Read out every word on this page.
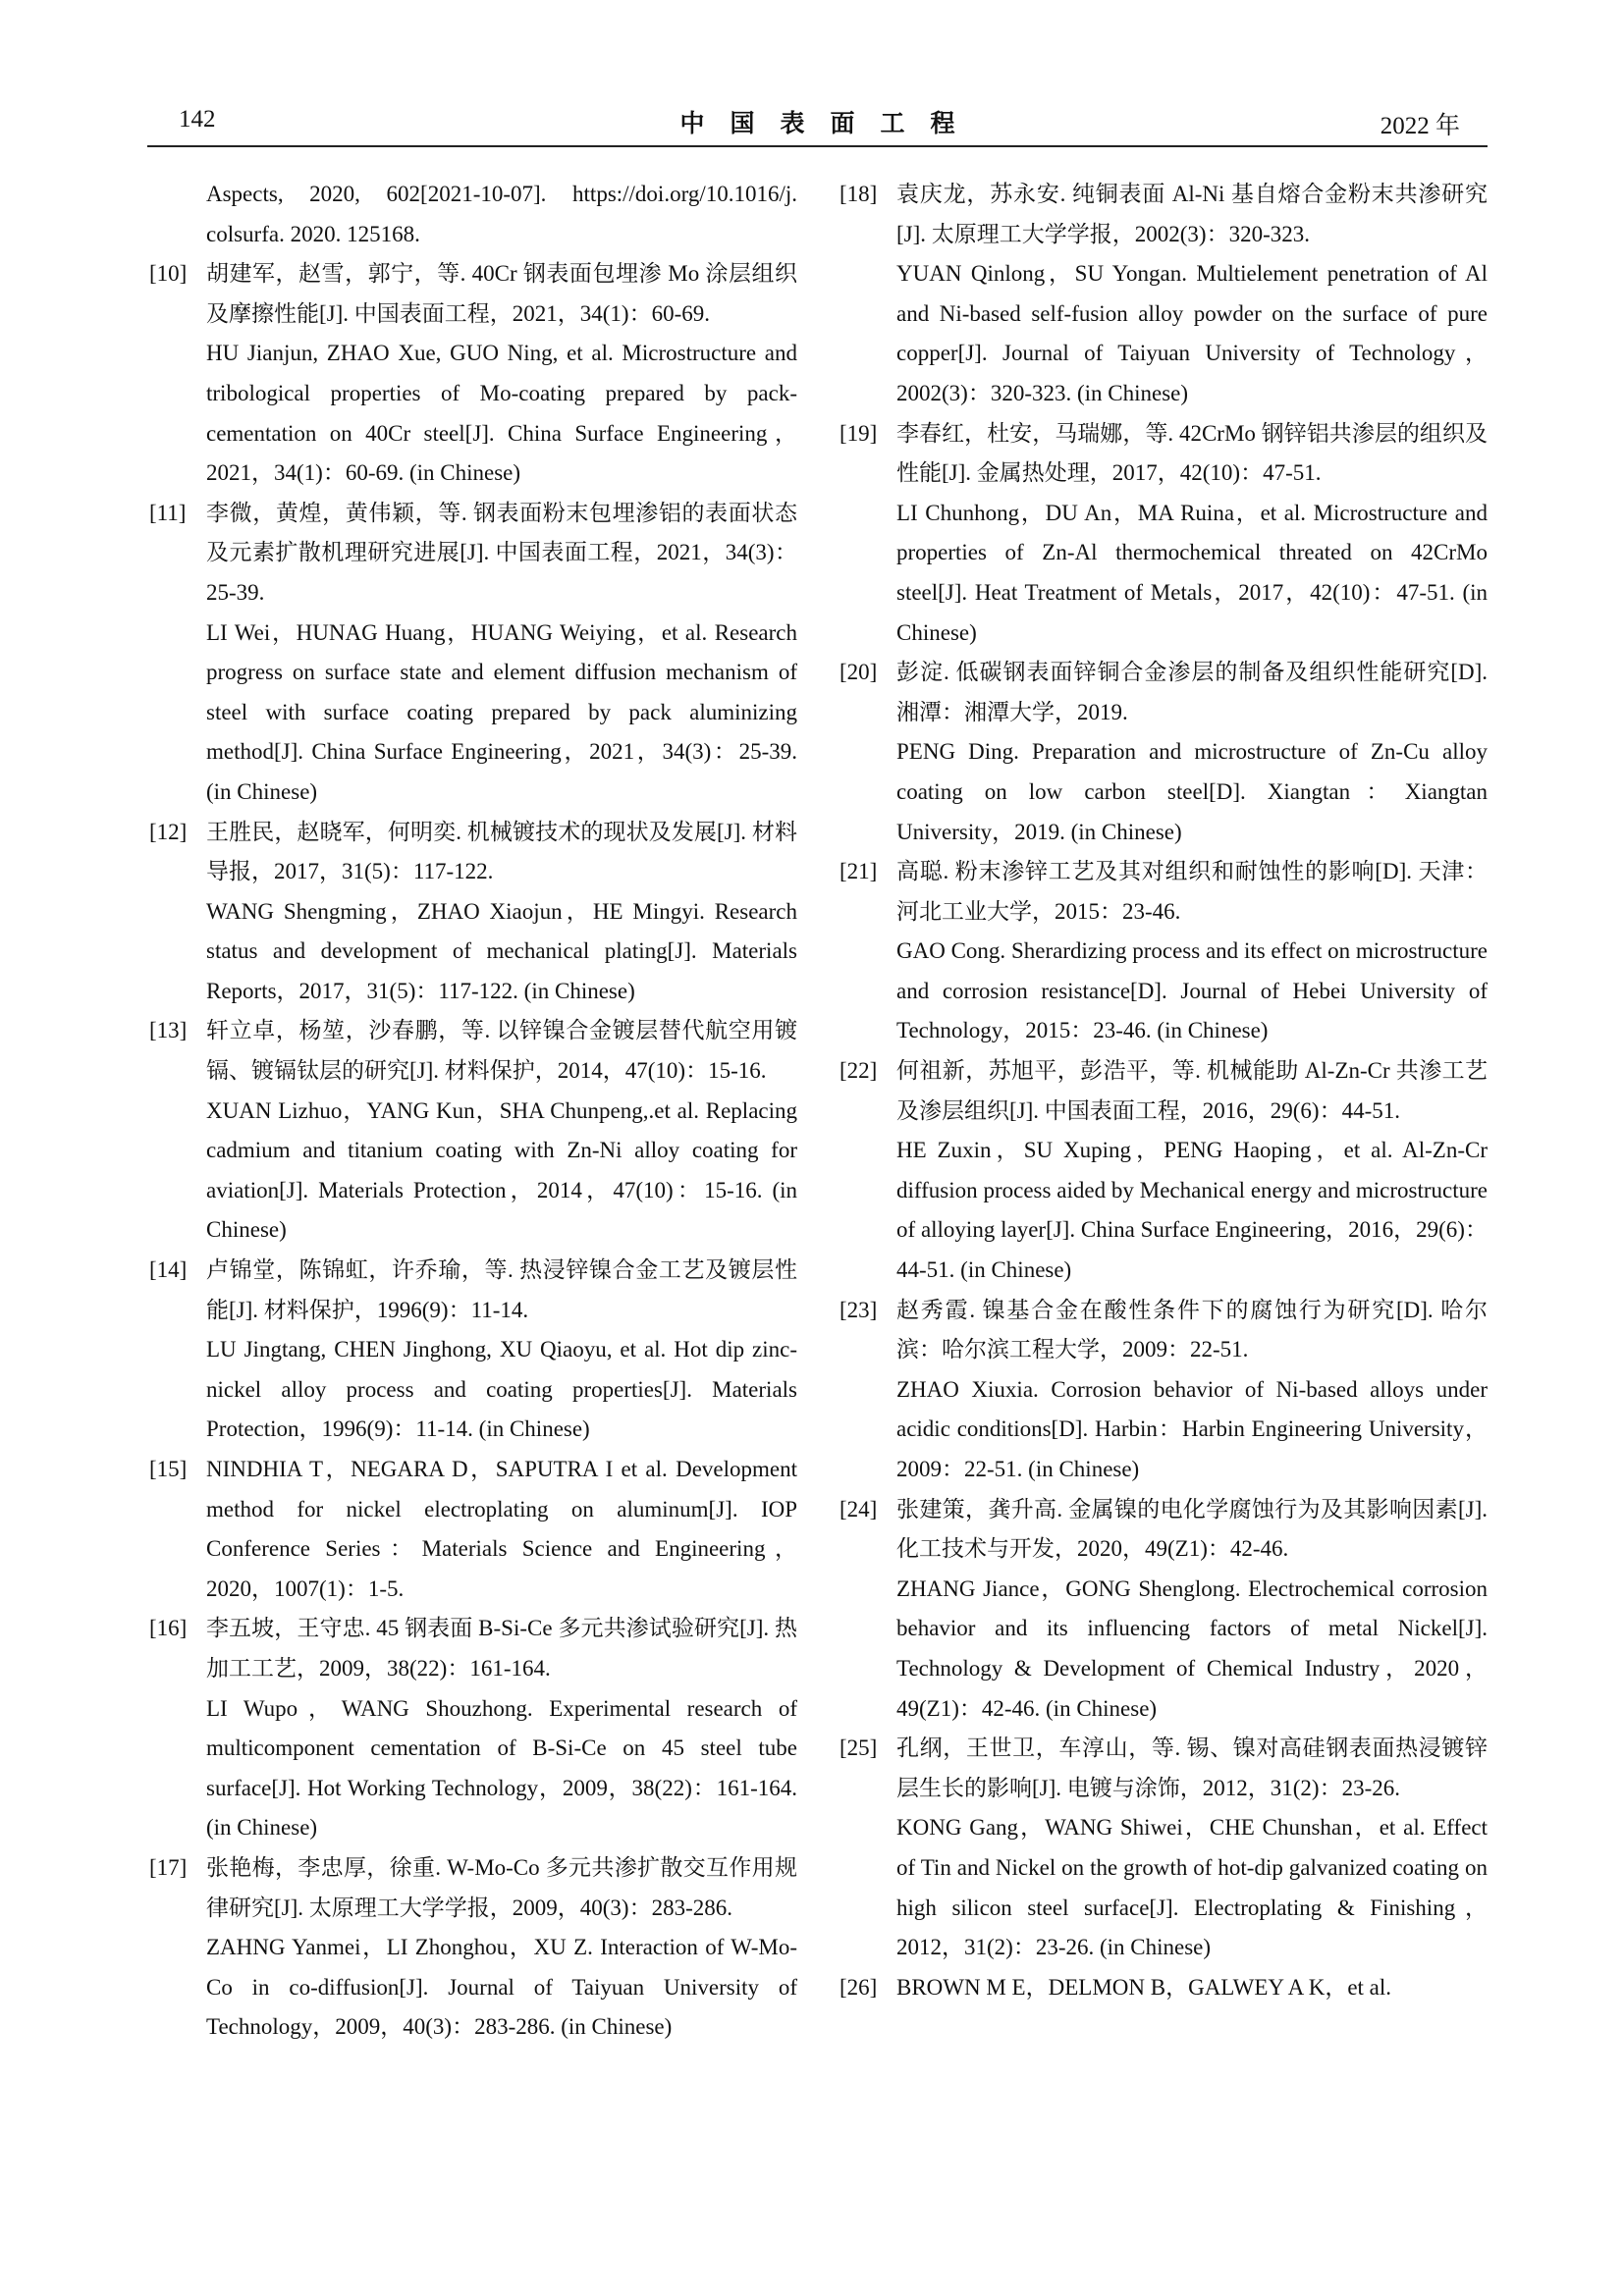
142	中国表面工程	2022 年
Aspects, 2020, 602[2021-10-07]. https://doi.org/10.1016/j. colsurfa. 2020. 125168.
[10] 胡建军，赵雪，郭宁，等. 40Cr 钢表面包埋渗 Mo 涂层组织及摩擦性能[J]. 中国表面工程，2021，34(1)：60-69.
HU Jianjun, ZHAO Xue, GUO Ning, et al. Microstructure and tribological properties of Mo-coating prepared by pack-cementation on 40Cr steel[J]. China Surface Engineering，2021，34(1)：60-69. (in Chinese)
[11] 李微，黄煌，黄伟颖，等. 钢表面粉末包埋渗铝的表面状态及元素扩散机理研究进展[J]. 中国表面工程，2021，34(3)：25-39.
LI Wei，HUNAG Huang，HUANG Weiying，et al. Research progress on surface state and element diffusion mechanism of steel with surface coating prepared by pack aluminizing method[J]. China Surface Engineering，2021，34(3)：25-39. (in Chinese)
[12] 王胜民，赵晓军，何明奕. 机械镀技术的现状及发展[J]. 材料导报，2017，31(5)：117-122.
WANG Shengming，ZHAO Xiaojun，HE Mingyi. Research status and development of mechanical plating[J]. Materials Reports，2017，31(5)：117-122. (in Chinese)
[13] 轩立卓，杨堃，沙春鹏，等. 以锌镍合金镀层替代航空用镀镉、镀镉钛层的研究[J]. 材料保护，2014，47(10)：15-16.
XUAN Lizhuo，YANG Kun，SHA Chunpeng,.et al. Replacing cadmium and titanium coating with Zn-Ni alloy coating for aviation[J]. Materials Protection，2014，47(10)：15-16. (in Chinese)
[14] 卢锦堂，陈锦虹，许乔瑜，等. 热浸锌镍合金工艺及镀层性能[J]. 材料保护，1996(9)：11-14.
LU Jingtang, CHEN Jinghong, XU Qiaoyu, et al. Hot dip zinc-nickel alloy process and coating properties[J]. Materials Protection，1996(9)：11-14. (in Chinese)
[15] NINDHIA T，NEGARA D，SAPUTRA I et al. Development method for nickel electroplating on aluminum[J]. IOP Conference Series：Materials Science and Engineering，2020，1007(1)：1-5.
[16] 李五坡，王守忠. 45 钢表面 B-Si-Ce 多元共渗试验研究[J]. 热加工工艺，2009，38(22)：161-164.
LI Wupo，WANG Shouzhong. Experimental research of multicomponent cementation of B-Si-Ce on 45 steel tube surface[J]. Hot Working Technology，2009，38(22)：161-164. (in Chinese)
[17] 张艳梅，李忠厚，徐重. W-Mo-Co 多元共渗扩散交互作用规律研究[J]. 太原理工大学学报，2009，40(3)：283-286.
ZAHNG Yanmei，LI Zhonghou，XU Z. Interaction of W-Mo-Co in co-diffusion[J]. Journal of Taiyuan University of Technology，2009，40(3)：283-286. (in Chinese)
[18] 袁庆龙，苏永安. 纯铜表面 Al-Ni 基自熔合金粉末共渗研究[J]. 太原理工大学学报，2002(3)：320-323.
YUAN Qinlong，SU Yongan. Multielement penetration of Al and Ni-based self-fusion alloy powder on the surface of pure copper[J]. Journal of Taiyuan University of Technology，2002(3)：320-323. (in Chinese)
[19] 李春红，杜安，马瑞娜，等. 42CrMo 钢锌铝共渗层的组织及性能[J]. 金属热处理，2017，42(10)：47-51.
LI Chunhong，DU An，MA Ruina，et al. Microstructure and properties of Zn-Al thermochemical threated on 42CrMo steel[J]. Heat Treatment of Metals，2017，42(10)：47-51. (in Chinese)
[20] 彭淀. 低碳钢表面锌铜合金渗层的制备及组织性能研究[D]. 湘潭：湘潭大学，2019.
PENG Ding. Preparation and microstructure of Zn-Cu alloy coating on low carbon steel[D]. Xiangtan：Xiangtan University，2019. (in Chinese)
[21] 高聪. 粉末渗锌工艺及其对组织和耐蚀性的影响[D]. 天津：河北工业大学，2015：23-46.
GAO Cong. Sherardizing process and its effect on microstructure and corrosion resistance[D]. Journal of Hebei University of Technology，2015：23-46. (in Chinese)
[22] 何祖新，苏旭平，彭浩平，等. 机械能助 Al-Zn-Cr 共渗工艺及渗层组织[J]. 中国表面工程，2016，29(6)：44-51.
HE Zuxin，SU Xuping，PENG Haoping，et al. Al-Zn-Cr diffusion process aided by Mechanical energy and microstructure of alloying layer[J]. China Surface Engineering，2016，29(6)：44-51. (in Chinese)
[23] 赵秀霞. 镍基合金在酸性条件下的腐蚀行为研究[D]. 哈尔滨：哈尔滨工程大学，2009：22-51.
ZHAO Xiuxia. Corrosion behavior of Ni-based alloys under acidic conditions[D]. Harbin：Harbin Engineering University，2009：22-51. (in Chinese)
[24] 张建策，龚升高. 金属镍的电化学腐蚀行为及其影响因素[J]. 化工技术与开发，2020，49(Z1)：42-46.
ZHANG Jiance，GONG Shenglong. Electrochemical corrosion behavior and its influencing factors of metal Nickel[J]. Technology & Development of Chemical Industry，2020，49(Z1)：42-46. (in Chinese)
[25] 孔纲，王世卫，车淳山，等. 锡、镍对高硅钢表面热浸镀锌层生长的影响[J]. 电镀与涂饰，2012，31(2)：23-26.
KONG Gang，WANG Shiwei，CHE Chunshan，et al. Effect of Tin and Nickel on the growth of hot-dip galvanized coating on high silicon steel surface[J]. Electroplating & Finishing，2012，31(2)：23-26. (in Chinese)
[26] BROWN M E，DELMON B，GALWEY A K，et al.
